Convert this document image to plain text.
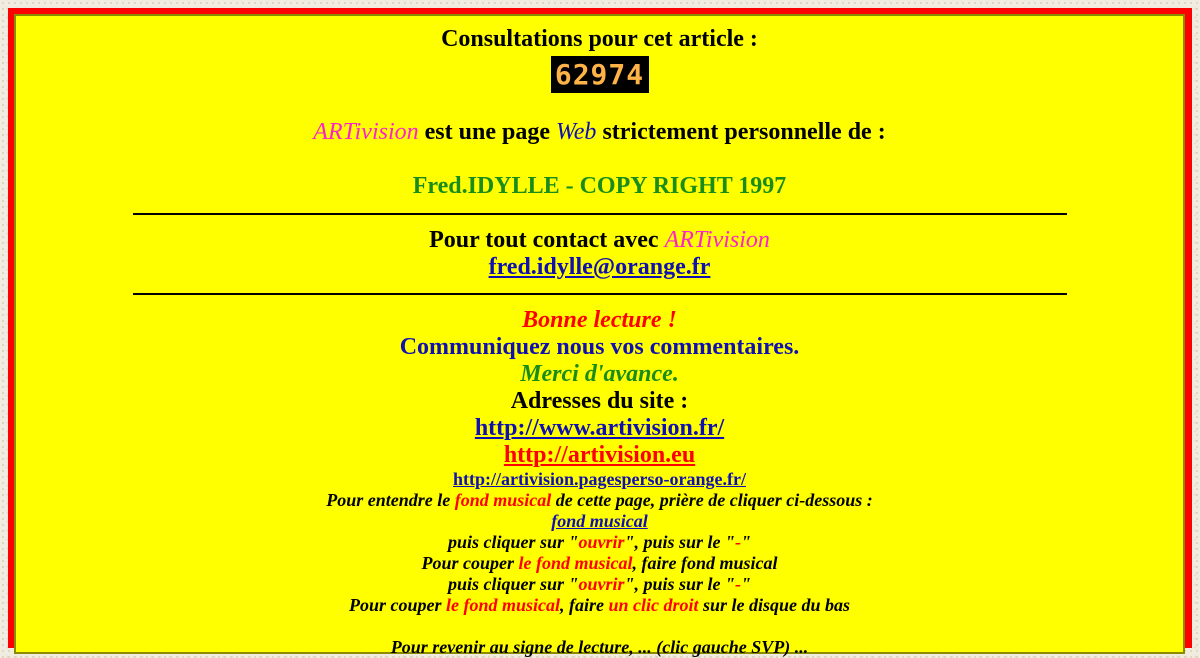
Consultations pour cet article :
62974
ARTivision est une page Web strictement personnelle de :
Fred.IDYLLE - COPY RIGHT 1997
Pour tout contact avec ARTivision
fred.idylle@orange.fr
Bonne lecture !
Communiquez nous vos commentaires.
Merci d'avance.
Adresses du site :
http://www.artivision.fr/
http://artivision.eu
http://artivision.pagesperso-orange.fr/
Pour entendre le fond musical de cette page, prière de cliquer ci-dessous :
fond musical
puis cliquer sur "ouvrir", puis sur le "-"
Pour couper le fond musical, faire fond musical
puis cliquer sur "ouvrir", puis sur le "-"
Pour couper le fond musical, faire un clic droit sur le disque du bas
Pour revenir au signe de lecture, ... (clic gauche SVP) ...
